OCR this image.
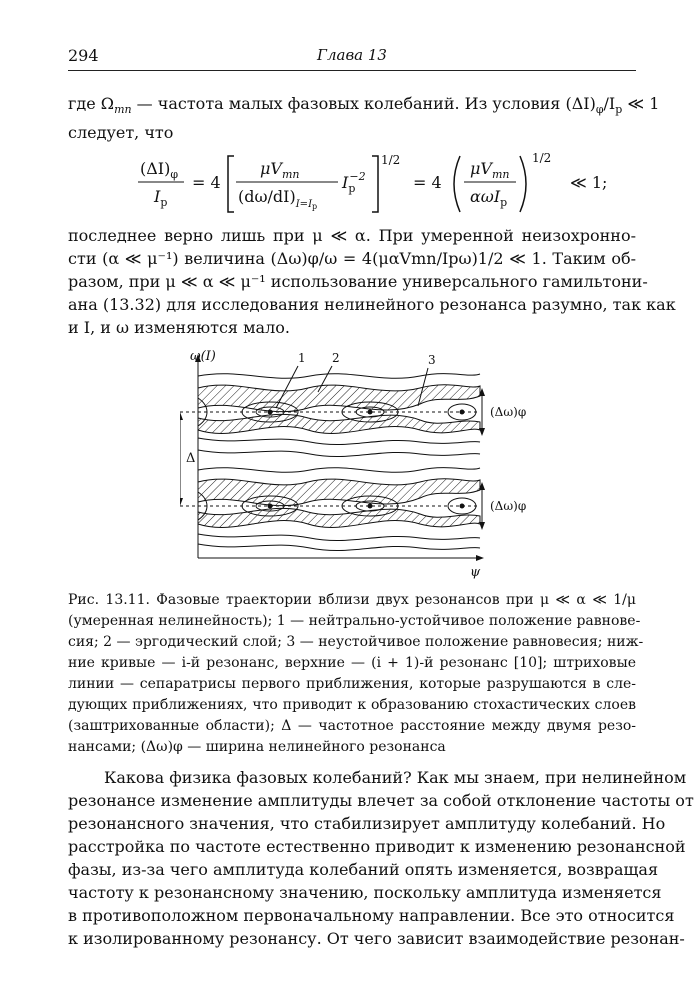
294	Глава 13

где $\Omega_{mn}$ — частота малых фазовых колебаний. Из условия $(\Delta I)_\varphi/I_p$ ≪ 1
следует, что

$(\Delta I)_\varphi$
$I_p$
= 4
$\mu V_{mn}$
$(d\omega/dI)_{I=I}p$
$I_p-2$
1/2
= 4
$\mu V_{mn}$
αωI$_p$
1/2
≪ 1;

последнее верно лишь при μ ≪ α. При умеренной неизохронно-
сти (α ≪ μ⁻¹) величина (Δω)φ/ω = 4(μαVmn/Ipω)1/2 ≪ 1. Таким об-
разом, при μ ≪ α ≪ μ⁻¹ использование универсального гамильтони-
ана (13.32) для исследования нелинейного резонанса разумно, так как
и I, и ω изменяются мало.

ω(I)
ψ
Δ
(Δω)φ
(Δω)φ
1 2	3

Рис. 13.11. Фазовые траектории вблизи двух резонансов при μ ≪ α ≪ 1/μ
(умеренная нелинейность); 1 — нейтрально-устойчивое положение равнове-
сия; 2 — эргодический слой; 3 — неустойчивое положение равновесия; ниж-
ние кривые — i-й резонанс, верхние — (i + 1)-й резонанс [10]; штриховые
линии — сепаратрисы первого приближения, которые разрушаются в сле-
дующих приближениях, что приводит к образованию стохастических слоев
(заштрихованные области); Δ — частотное расстояние между двумя резо-
нансами; (Δω)φ — ширина нелинейного резонанса

Какова физика фазовых колебаний? Как мы знаем, при нелинейном
резонансе изменение амплитуды влечет за собой отклонение частоты от
резонансного значения, что стабилизирует амплитуду колебаний. Но
расстройка по частоте естественно приводит к изменению резонансной
фазы, из-за чего амплитуда колебаний опять изменяется, возвращая
частоту к резонансному значению, поскольку амплитуда изменяется
в противоположном первоначальному направлении. Все это относится
к изолированному резонансу. От чего зависит взаимодействие резонан-
